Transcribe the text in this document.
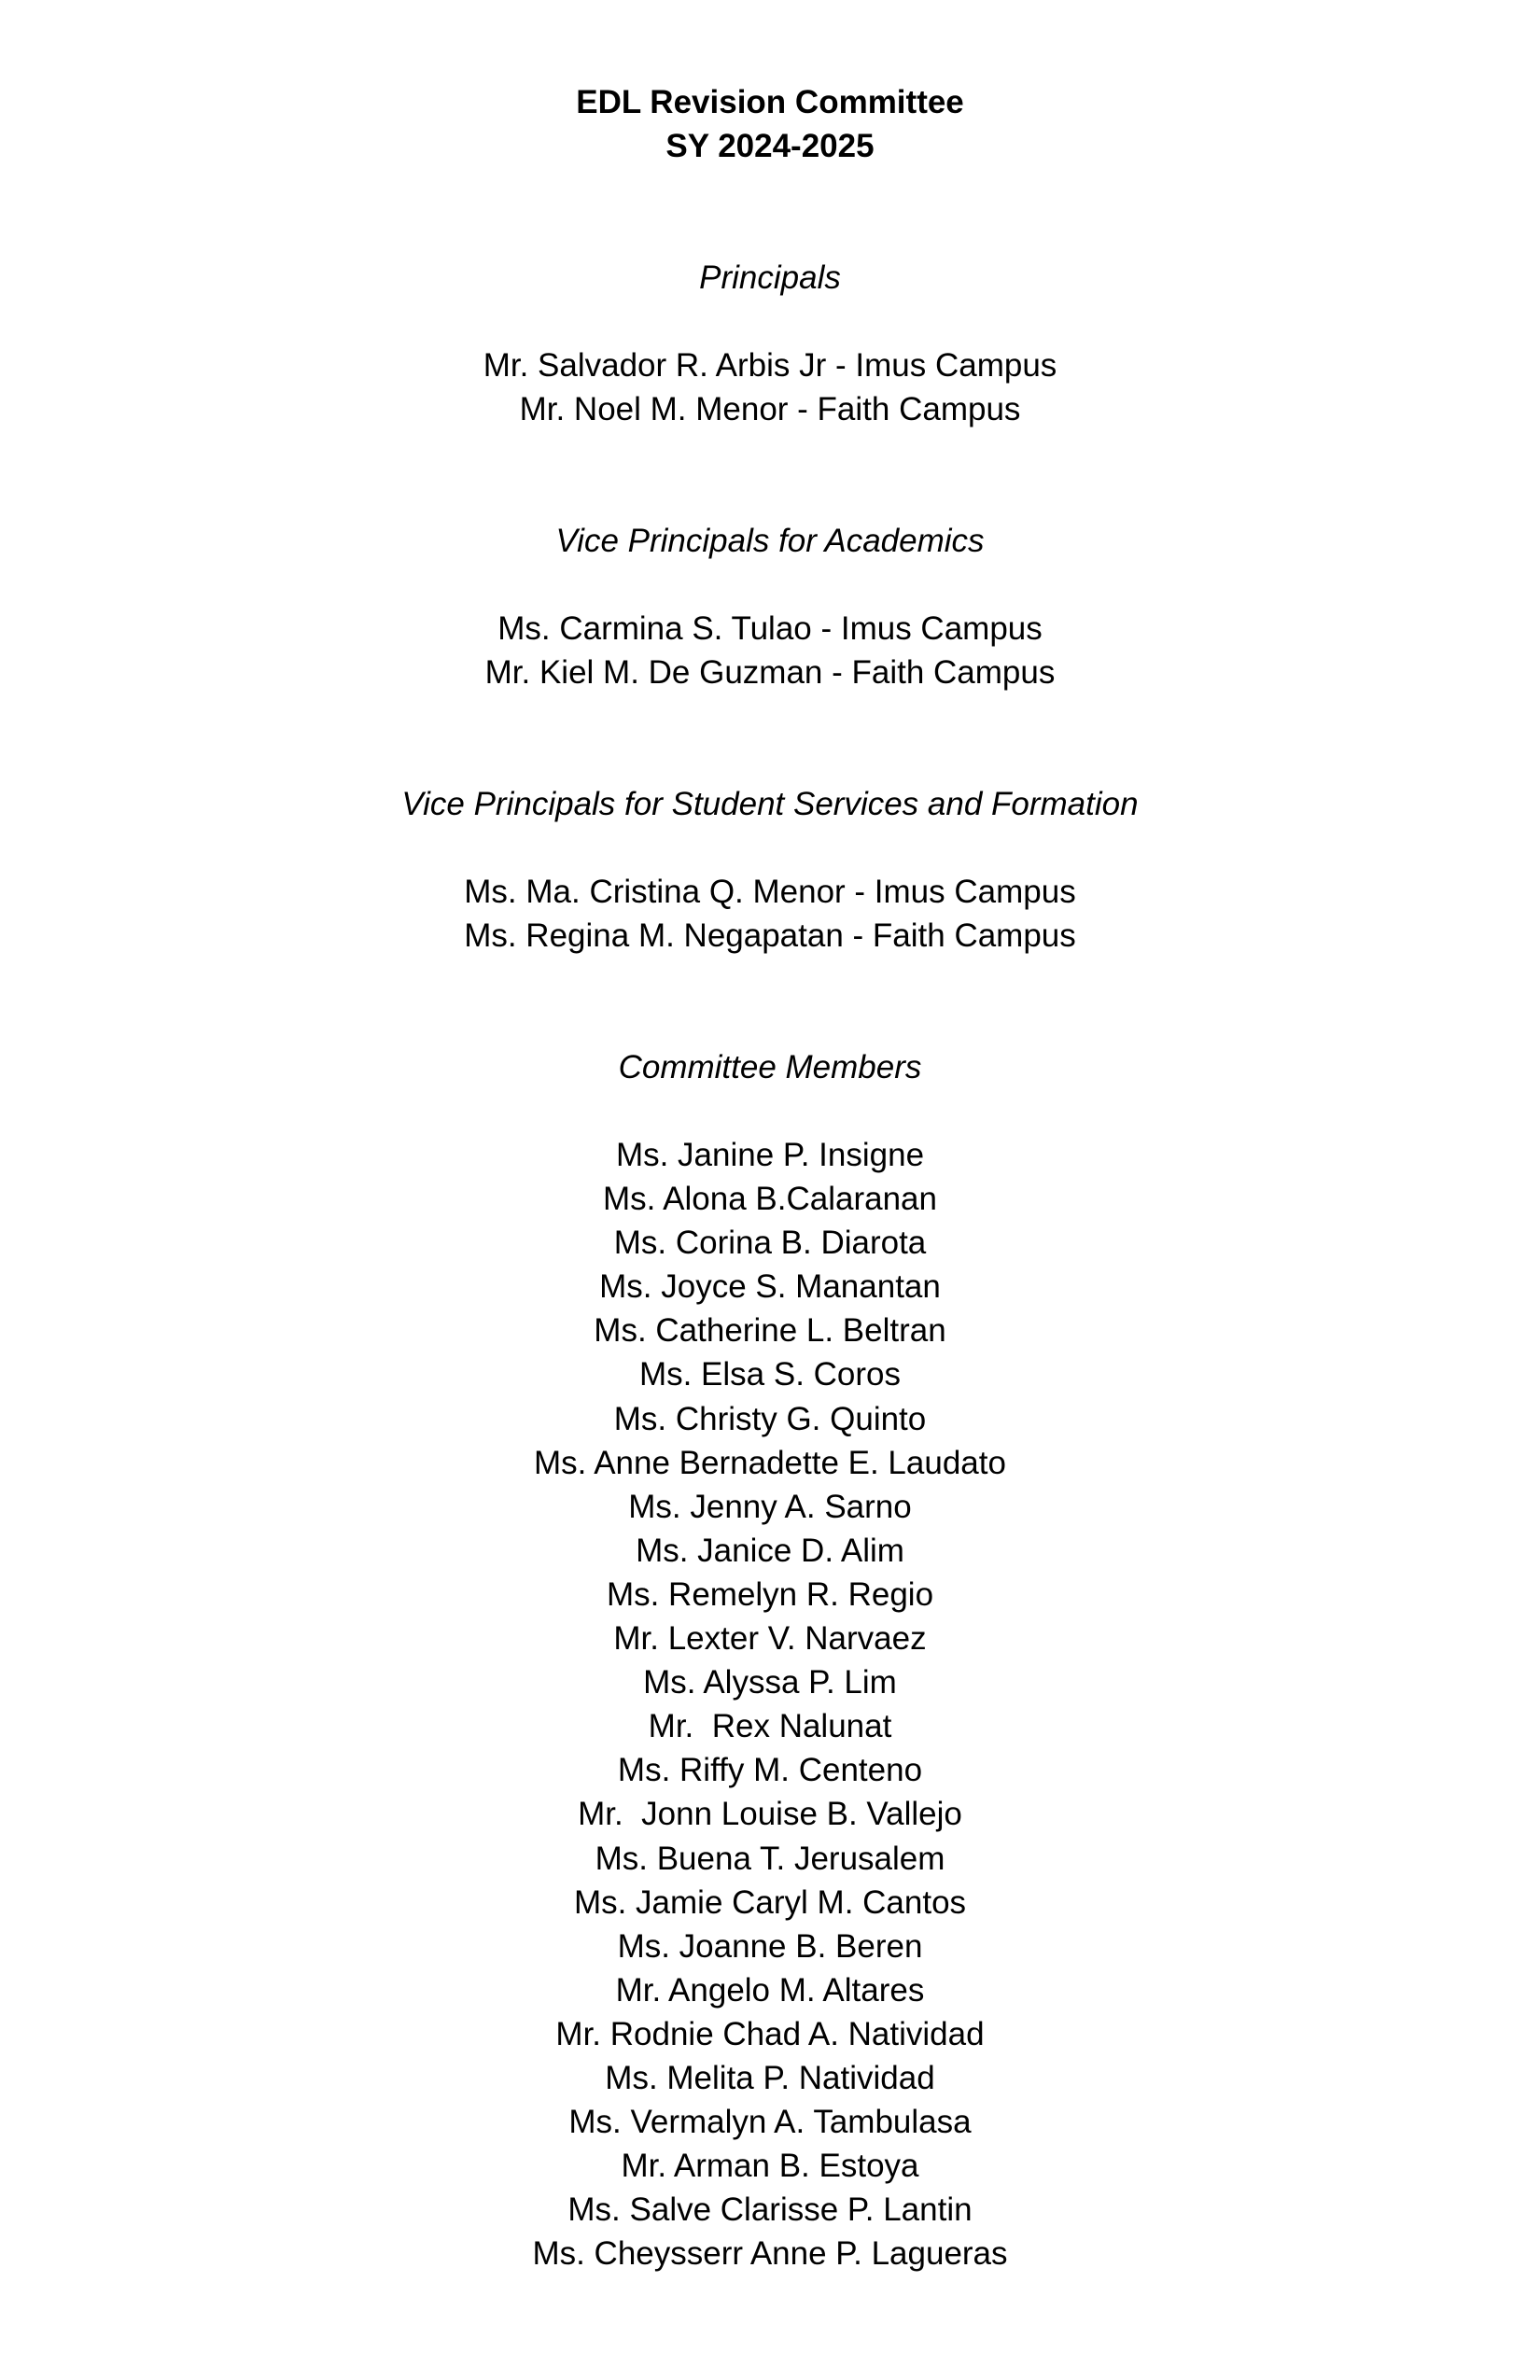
EDL Revision Committee
SY 2024-2025
Principals
Mr. Salvador R. Arbis Jr - Imus Campus
Mr. Noel M. Menor - Faith Campus
Vice Principals for Academics
Ms. Carmina S. Tulao - Imus Campus
Mr. Kiel M. De Guzman - Faith Campus
Vice Principals for Student Services and Formation
Ms. Ma. Cristina Q. Menor - Imus Campus
Ms. Regina M. Negapatan - Faith Campus
Committee Members
Ms. Janine P. Insigne
Ms. Alona B.Calaranan
Ms. Corina B. Diarota
Ms. Joyce S. Manantan
Ms. Catherine L. Beltran
Ms. Elsa S. Coros
Ms. Christy G. Quinto
Ms. Anne Bernadette E. Laudato
Ms. Jenny A. Sarno
Ms. Janice D. Alim
Ms. Remelyn R. Regio
Mr. Lexter V. Narvaez
Ms. Alyssa P. Lim
Mr.  Rex Nalunat
Ms. Riffy M. Centeno
Mr.  Jonn Louise B. Vallejo
Ms. Buena T. Jerusalem
Ms. Jamie Caryl M. Cantos
Ms. Joanne B. Beren
Mr. Angelo M. Altares
Mr. Rodnie Chad A. Natividad
Ms. Melita P. Natividad
Ms. Vermalyn A. Tambulasa
Mr. Arman B. Estoya
Ms. Salve Clarisse P. Lantin
Ms. Cheysserr Anne P. Lagueras
